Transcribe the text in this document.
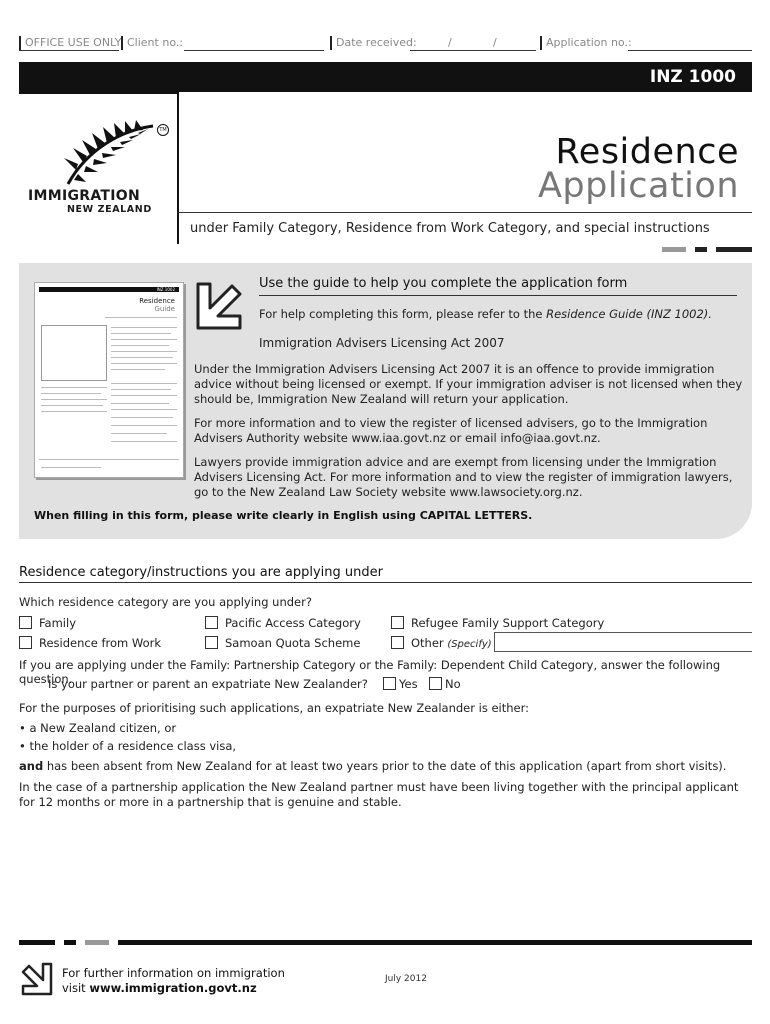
OFFICE USE ONLY Client no.:	Date received:	/	/	Application no.:
INZ 1000
IMMIGRATION
NEW ZEALAND
TM
Residence
Application
under Family Category, Residence from Work Category, and special instructions
INZ 1002
Residence
Guide
Use the guide to help you complete the application form
For help completing this form, please refer to the Residence Guide (INZ 1002).
Immigration Advisers Licensing Act 2007
Under the Immigration Advisers Licensing Act 2007 it is an offence to provide immigration advice without being licensed or exempt. If your immigration adviser is not licensed when they should be, Immigration New Zealand will return your application.
For more information and to view the register of licensed advisers, go to the Immigration Advisers Authority website www.iaa.govt.nz or email info@iaa.govt.nz.
Lawyers provide immigration advice and are exempt from licensing under the Immigration Advisers Licensing Act. For more information and to view the register of immigration lawyers, go to the New Zealand Law Society website www.lawsociety.org.nz.
When filling in this form, please write clearly in English using CAPITAL LETTERS.
Residence category/instructions you are applying under
Which residence category are you applying under?
Family	Pacific Access Category	Refugee Family Support Category
Residence from Work	Samoan Quota Scheme	Other (Specify)
If you are applying under the Family: Partnership Category or the Family: Dependent Child Category, answer the following question.
Is your partner or parent an expatriate New Zealander?	Yes No
For the purposes of prioritising such applications, an expatriate New Zealander is either:
• a New Zealand citizen, or
• the holder of a residence class visa,
and has been absent from New Zealand for at least two years prior to the date of this application (apart from short visits).
In the case of a partnership application the New Zealand partner must have been living together with the principal applicant for 12 months or more in a partnership that is genuine and stable.
For further information on immigration
visit www.immigration.govt.nz
July 2012
